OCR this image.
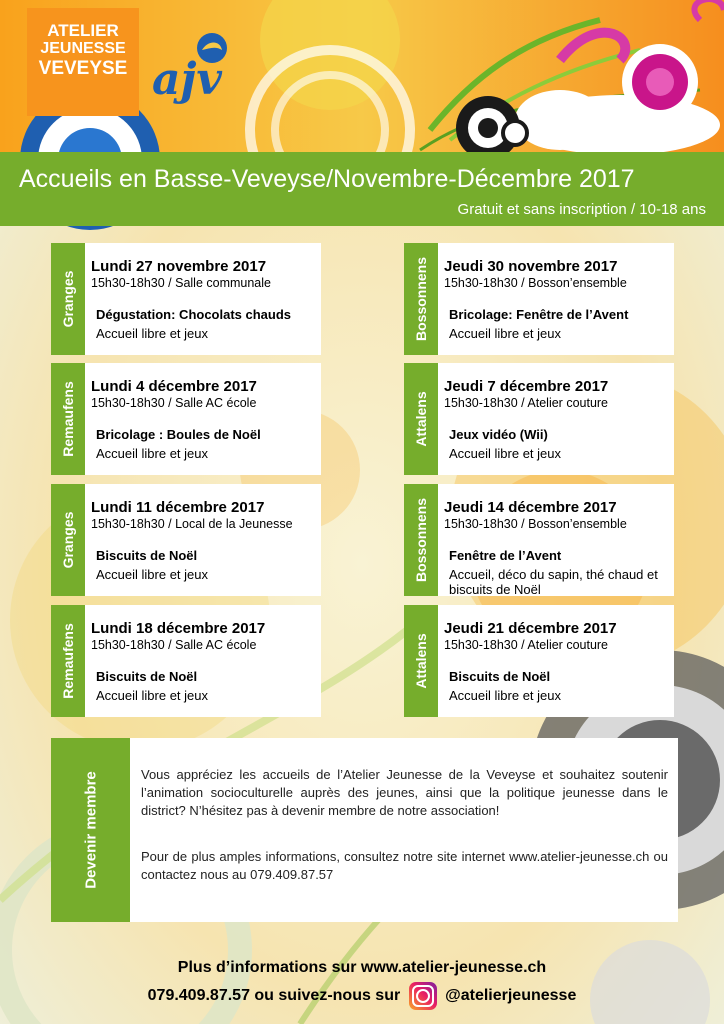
ATELIER
JEUNESSE
VEVEYSE ajv
Accueils en Basse-Veveyse/Novembre-Décembre 2017
Gratuit et sans inscription / 10-18 ans
Granges
Lundi 27 novembre 2017
15h30-18h30 / Salle communale
Dégustation: Chocolats chauds
Accueil libre et jeux	Bossonnens Jeudi 30 novembre 2017
15h30-18h30 / Bosson’ensemble
Bricolage: Fenêtre de l’Avent
Accueil libre et jeux
Remaufens Lundi 4 décembre 2017
15h30-18h30 / Salle AC école
Bricolage : Boules de Noël
Accueil libre et jeux
Attalens
Jeudi 7 décembre 2017
15h30-18h30 / Atelier couture
Jeux vidéo (Wii)
Accueil libre et jeux
Granges
Lundi 11 décembre 2017
15h30-18h30 / Local de la Jeunesse
Biscuits de Noël
Accueil libre et jeux	Bossonnens Jeudi 14 décembre 2017
15h30-18h30 / Bosson’ensemble
Fenêtre de l’Avent
Accueil, déco du sapin, thé chaud et biscuits de Noël
Remaufens Lundi 18 décembre 2017
15h30-18h30 / Salle AC école
Biscuits de Noël
Accueil libre et jeux
Attalens
Jeudi 21 décembre 2017
15h30-18h30 / Atelier couture
Biscuits de Noël
Accueil libre et jeux
Devenir membre	Vous appréciez les accueils de l’Atelier Jeunesse de la Veveyse et souhaitez soutenir l’animation socioculturelle auprès des jeunes, ainsi que la politique jeunesse dans le district? N’hésitez pas à devenir membre de notre association!
Pour de plus amples informations, consultez notre site internet www.atelier-jeunesse.ch ou contactez nous au 079.409.87.57
Plus d’informations sur www.atelier-jeunesse.ch
079.409.87.57 ou suivez-nous sur	@atelierjeunesse
